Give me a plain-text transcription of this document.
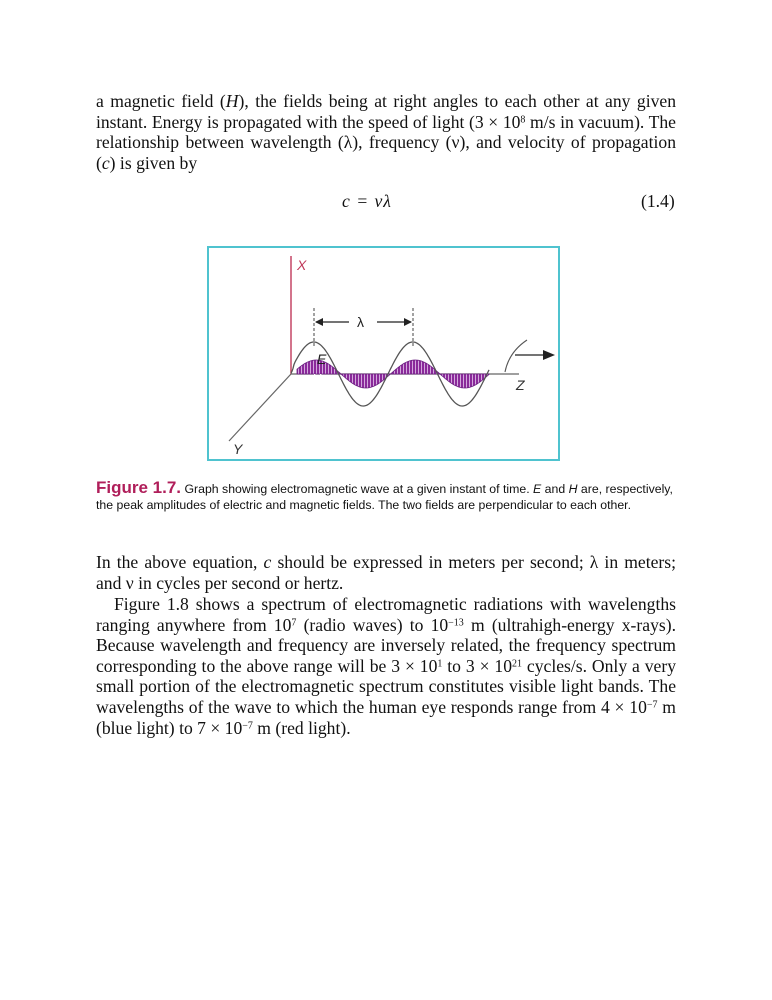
a magnetic field (H), the fields being at right angles to each other at any given instant. Energy is propagated with the speed of light ($3 \times 10^8$ m/s in vacuum). The relationship between wavelength (λ), frequency (ν), and velocity of propagation (c) is given by

c = νλ	(1.4)
X
Y
Z
λ
E
H
Figure 1.7. Graph showing electromagnetic wave at a given instant of time. E and H are, respectively, the peak amplitudes of electric and magnetic fields. The two fields are perpendicular to each other.

In the above equation, c should be expressed in meters per second; λ in meters; and ν in cycles per second or hertz.

Figure 1.8 shows a spectrum of electromagnetic radiations with wavelengths ranging anywhere from $10^7$ (radio waves) to $10^{-13}$ m (ultrahigh-energy x-rays). Because wavelength and frequency are inversely related, the frequency spectrum corresponding to the above range will be $3 \times 10^1$ to $3 \times 10^{21}$ cycles/s. Only a very small portion of the electromagnetic spectrum constitutes visible light bands. The wavelengths of the wave to which the human eye responds range from $4 \times 10^{-7}$ m (blue light) to $7 \times 10^{-7}$ m (red light).
